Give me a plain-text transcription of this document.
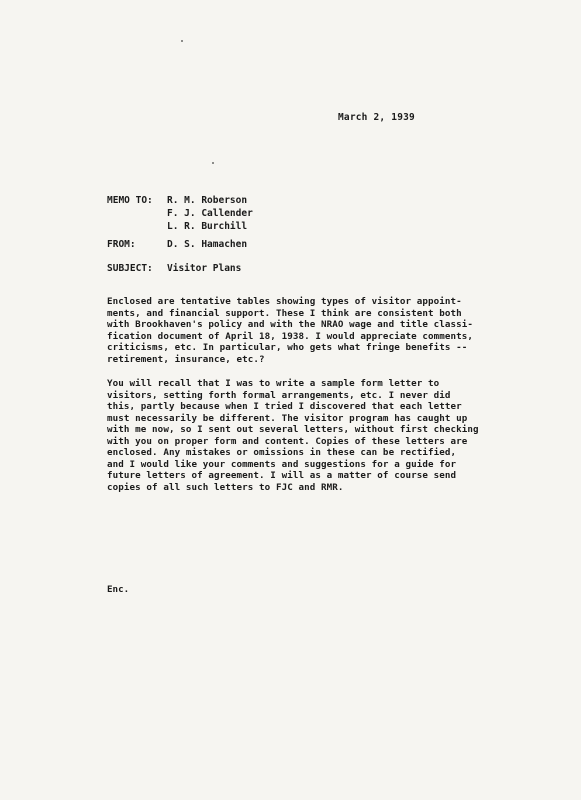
March 2, 1939
MEMO TO:	R. M. Roberson
F. J. Callender
L. R. Burchill
FROM:	D. S. Hamachen
SUBJECT: Visitor Plans
Enclosed are tentative tables showing types of visitor appoint-
ments, and financial support. These I think are consistent both
with Brookhaven's policy and with the NRAO wage and title classi-
fication document of April 18, 1938. I would appreciate comments,
criticisms, etc. In particular, who gets what fringe benefits --
retirement, insurance, etc.?
You will recall that I was to write a sample form letter to
visitors, setting forth formal arrangements, etc. I never did
this, partly because when I tried I discovered that each letter
must necessarily be different. The visitor program has caught up
with me now, so I sent out several letters, without first checking
with you on proper form and content. Copies of these letters are
enclosed. Any mistakes or omissions in these can be rectified,
and I would like your comments and suggestions for a guide for
future letters of agreement. I will as a matter of course send
copies of all such letters to FJC and RMR.
Enc.
